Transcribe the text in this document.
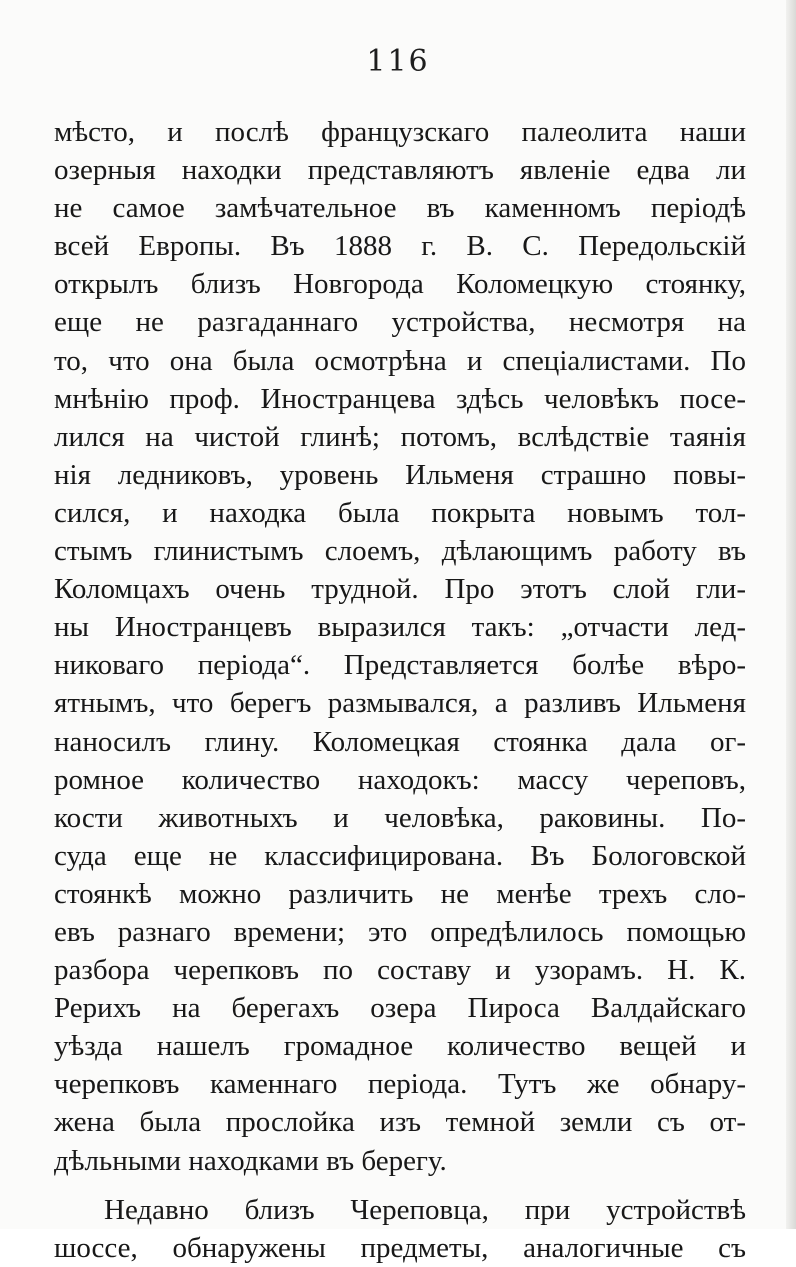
116
мѣсто, и послѣ французскаго палеолита наши
озерныя находки представляютъ явленіе едва ли
не самое замѣчательное въ каменномъ періодѣ
всей Европы. Въ 1888 г. В. С. Передольскій
открылъ близъ Новгорода Коломецкую стоянку,
еще не разгаданнаго устройства, несмотря на
то, что она была осмотрѣна и спеціалистами. По
мнѣнію проф. Иностранцева здѣсь человѣкъ посе-
лился на чистой глинѣ; потомъ, вслѣдствіе таянія
нія ледниковъ, уровень Ильменя страшно повы-
сился, и находка была покрыта новымъ тол-
стымъ глинистымъ слоемъ, дѣлающимъ работу въ
Коломцахъ очень трудной. Про этотъ слой гли-
ны Иностранцевъ выразился такъ: „отчасти лед-
никоваго періода“. Представляется болѣе вѣро-
ятнымъ, что берегъ размывался, а разливъ Ильменя
наносилъ глину. Коломецкая стоянка дала ог-
ромное количество находокъ: массу череповъ,
кости животныхъ и человѣка, раковины. По-
суда еще не классифицирована. Въ Бологовской
стоянкѣ можно различить не менѣе трехъ сло-
евъ разнаго времени; это опредѣлилось помощью
разбора черепковъ по составу и узорамъ. Н. К.
Рерихъ на берегахъ озера Пироса Валдайскаго
уѣзда нашелъ громадное количество вещей и
черепковъ каменнаго періода. Тутъ же обнару-
жена была прослойка изъ темной земли съ от-
дѣльными находками въ берегу.
Недавно близъ Череповца, при устройствѣ
шоссе, обнаружены предметы, аналогичные съ
